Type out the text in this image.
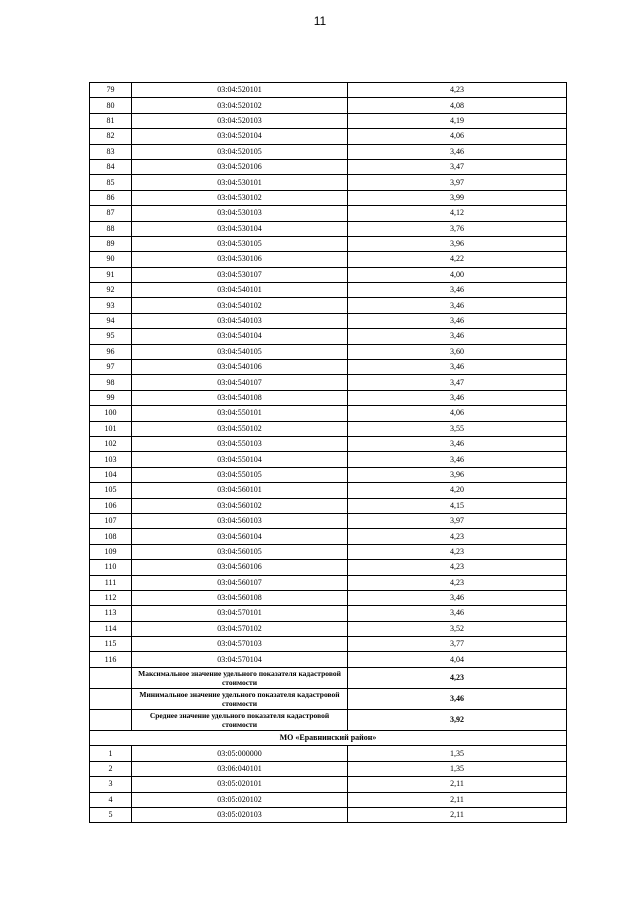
11
79	03:04:520101	4,23
80	03:04:520102	4,08
81	03:04:520103	4,19
82	03:04:520104	4,06
83	03:04:520105	3,46
84	03:04:520106	3,47
85	03:04:530101	3,97
86	03:04:530102	3,99
87	03:04:530103	4,12
88	03:04:530104	3,76
89	03:04:530105	3,96
90	03:04:530106	4,22
91	03:04:530107	4,00
92	03:04:540101	3,46
93	03:04:540102	3,46
94	03:04:540103	3,46
95	03:04:540104	3,46
96	03:04:540105	3,60
97	03:04:540106	3,46
98	03:04:540107	3,47
99	03:04:540108	3,46
100	03:04:550101	4,06
101	03:04:550102	3,55
102	03:04:550103	3,46
103	03:04:550104	3,46
104	03:04:550105	3,96
105	03:04:560101	4,20
106	03:04:560102	4,15
107	03:04:560103	3,97
108	03:04:560104	4,23
109	03:04:560105	4,23
110	03:04:560106	4,23
111	03:04:560107	4,23
112	03:04:560108	3,46
113	03:04:570101	3,46
114	03:04:570102	3,52
115	03:04:570103	3,77
116	03:04:570104	4,04
	Максимальное значение удельного показателя кадастровой стоимости	4,23
	Минимальное значение удельного показателя кадастровой стоимости	3,46
	Среднее значение удельного показателя кадастровой стоимости	3,92
МО «Еравнинский район»		
1	03:05:000000	1,35
2	03:06:040101	1,35
3	03:05:020101	2,11
4	03:05:020102	2,11
5	03:05:020103	2,11
